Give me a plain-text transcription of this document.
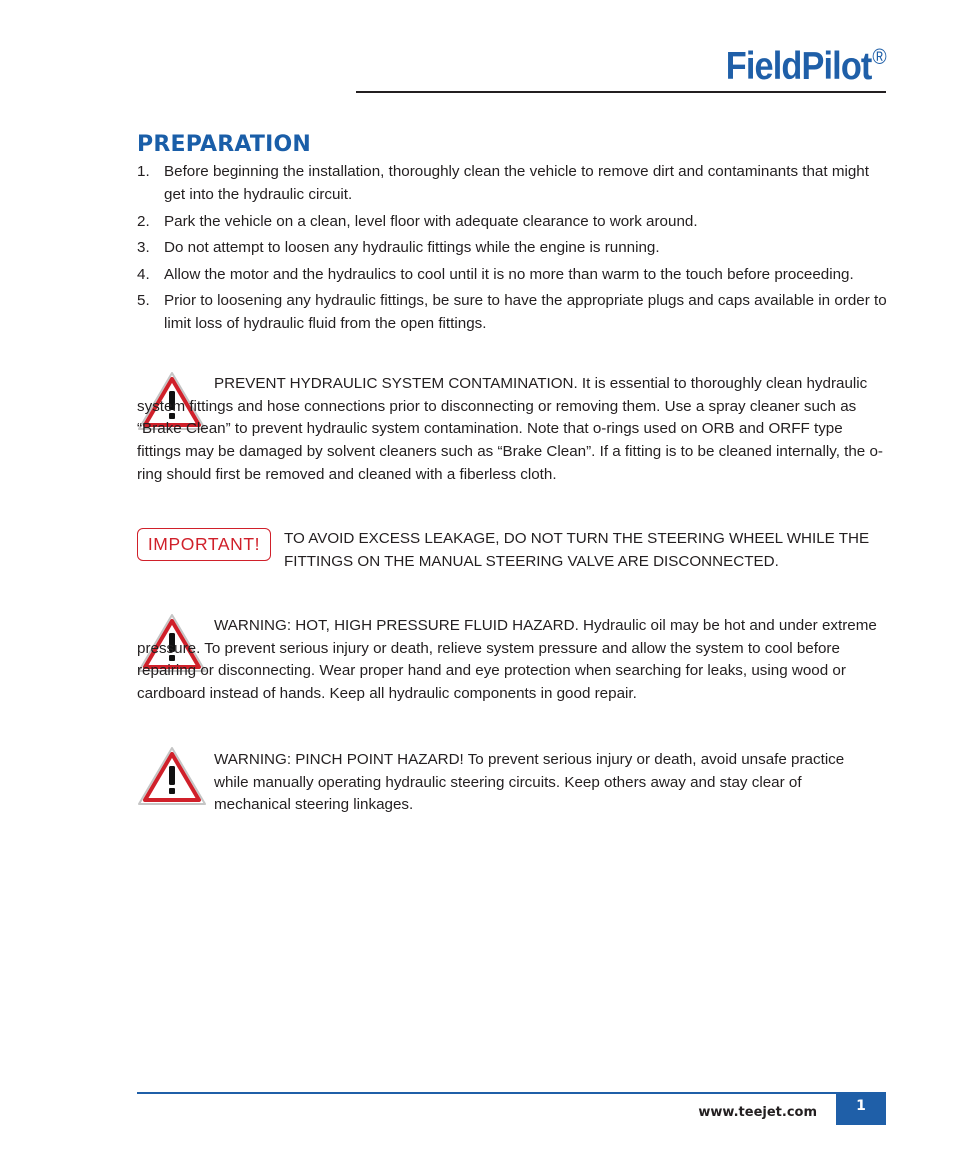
FieldPilot®
PREPARATION
1. Before beginning the installation, thoroughly clean the vehicle to remove dirt and contaminants that might get into the hydraulic circuit.
2. Park the vehicle on a clean, level floor with adequate clearance to work around.
3. Do not attempt to loosen any hydraulic fittings while the engine is running.
4. Allow the motor and the hydraulics to cool until it is no more than warm to the touch before proceeding.
5. Prior to loosening any hydraulic fittings, be sure to have the appropriate plugs and caps available in order to limit loss of hydraulic fluid from the open fittings.

PREVENT HYDRAULIC SYSTEM CONTAMINATION. It is essential to thoroughly clean hydraulic system fittings and hose connections prior to disconnecting or removing them. Use a spray cleaner such as “Brake Clean” to prevent hydraulic system contamination. Note that o-rings used on ORB and ORFF type fittings may be damaged by solvent cleaners such as “Brake Clean”. If a fitting is to be cleaned internally, the o-ring should first be removed and cleaned with a fiberless cloth.

IMPORTANT!	TO AVOID EXCESS LEAKAGE, DO NOT TURN THE STEERING WHEEL WHILE THE FITTINGS ON THE MANUAL STEERING VALVE ARE DISCONNECTED.

WARNING: HOT, HIGH PRESSURE FLUID HAZARD. Hydraulic oil may be hot and under extreme pressure. To prevent serious injury or death, relieve system pressure and allow the system to cool before repairing or disconnecting. Wear proper hand and eye protection when searching for leaks, using wood or cardboard instead of hands. Keep all hydraulic components in good repair.

WARNING: PINCH POINT HAZARD! To prevent serious injury or death, avoid unsafe practice while manually operating hydraulic steering circuits. Keep others away and stay clear of mechanical steering linkages.

www.teejet.com	1
